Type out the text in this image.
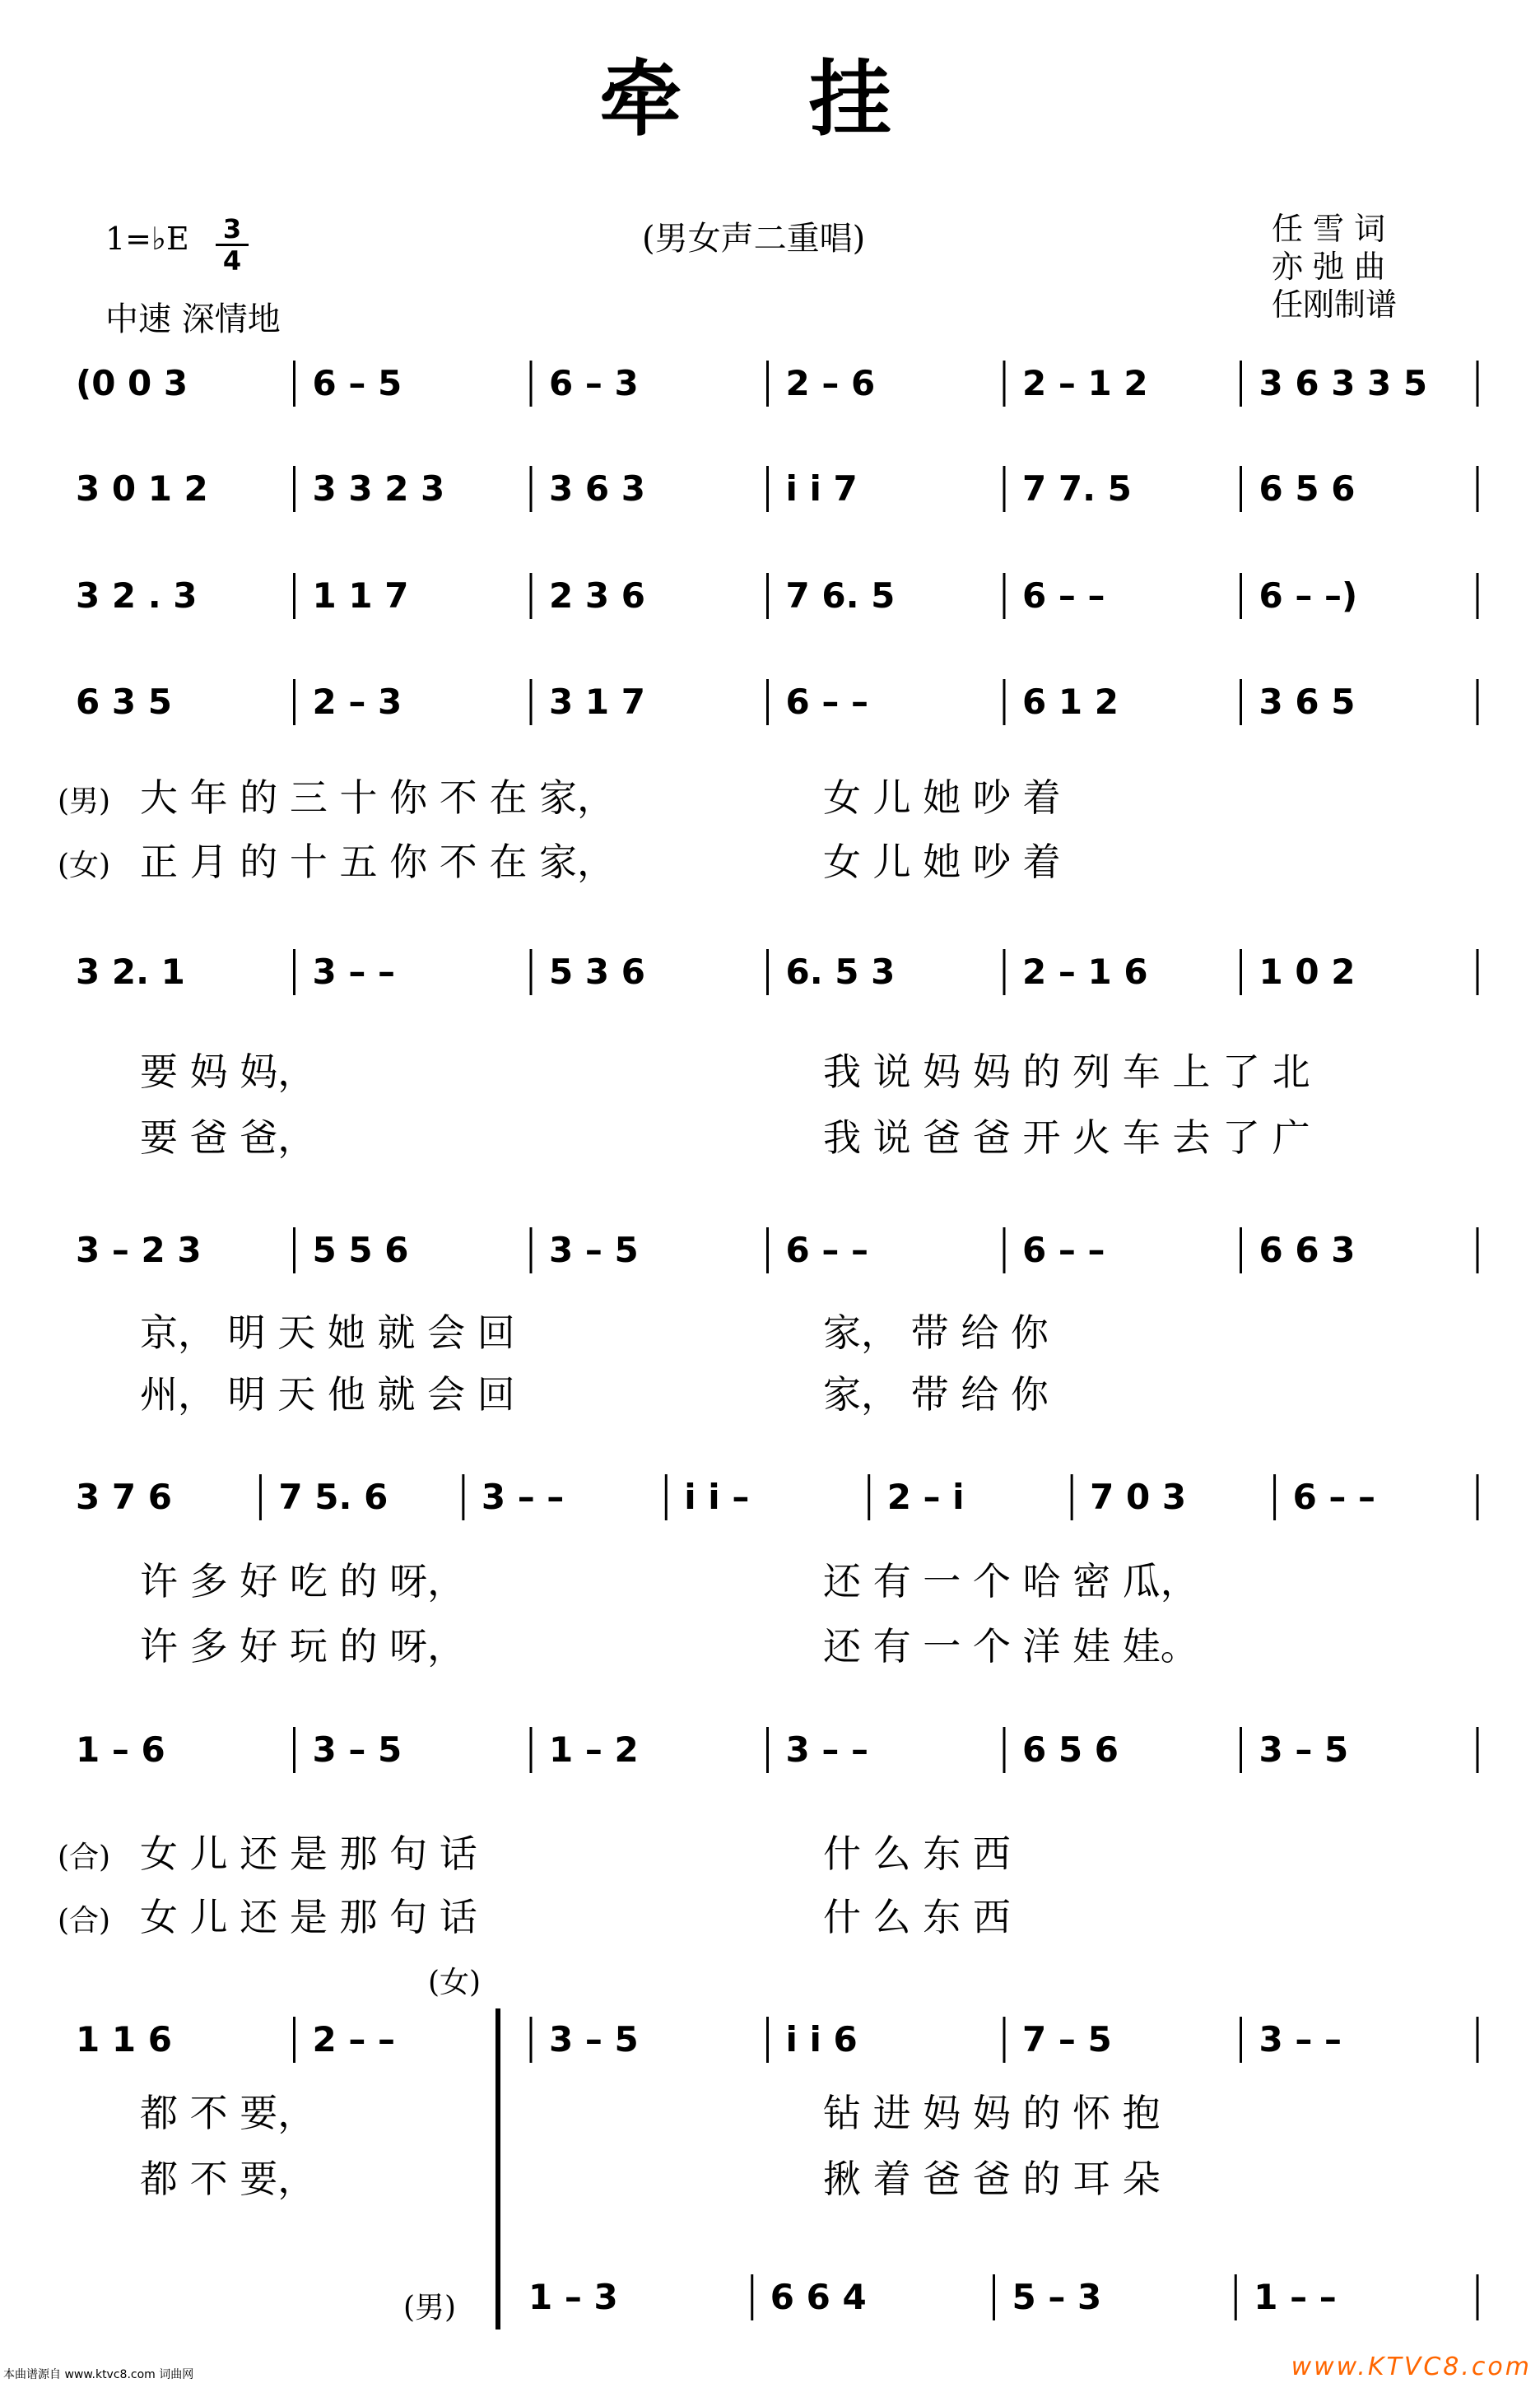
牵 挂
(男女声二重唱)
1=♭E 3
4
中速 深情地
任 雪 词
亦 弛 曲
任刚制谱
(0 0 3	6 – 5	6 – 3	2 – 6	2 – 1 2	3 6 3 3 5
3 0 1 2	3 3 2 3	3 6 3	i i 7	7 7. 5	6 5 6
3 2 . 3	1 1 7	2 3 6	7 6. 5	6 – –	6 – –)
6 3 5	2 – 3	3 1 7	6 – –	6 1 2	3 6 5
(男) 大 年 的 三 十 你 不 在 家，	女 儿 她 吵 着
(女) 正 月 的 十 五 你 不 在 家，	女 儿 她 吵 着
3 2. 1	3 – –	5 3 6	6. 5 3	2 – 1 6	1 0 2
要 妈 妈，	我 说 妈 妈 的 列 车 上 了 北
要 爸 爸，	我 说 爸 爸 开 火 车 去 了 广
3 – 2 3	5 5 6	3 – 5	6 – –	6 – –	6 6 3
京， 明 天 她 就 会 回	家， 带 给 你
州， 明 天 他 就 会 回	家， 带 给 你
3 7 6	7 5. 6	3 – –	i i –	2 – i	7 0 3	6 – –
许 多 好 吃 的 呀，	还 有 一 个 哈 密 瓜，
许 多 好 玩 的 呀，	还 有 一 个 洋 娃 娃。
1 – 6	3 – 5	1 – 2	3 – –	6 5 6	3 – 5
(合) 女 儿 还 是 那 句 话	什 么 东 西
(合) 女 儿 还 是 那 句 话	什 么 东 西
1 1 6	2 – –	3 – 5	i i 6	7 – 5	3 – –
1 – 3	6 6 4	5 – 3	1 – –
(女)
(男)
都 不 要，	钻 进 妈 妈 的 怀 抱
都 不 要，	揪 着 爸 爸 的 耳 朵
本曲谱源自 www.ktvc8.com 词曲网	www.KTVC8.com
